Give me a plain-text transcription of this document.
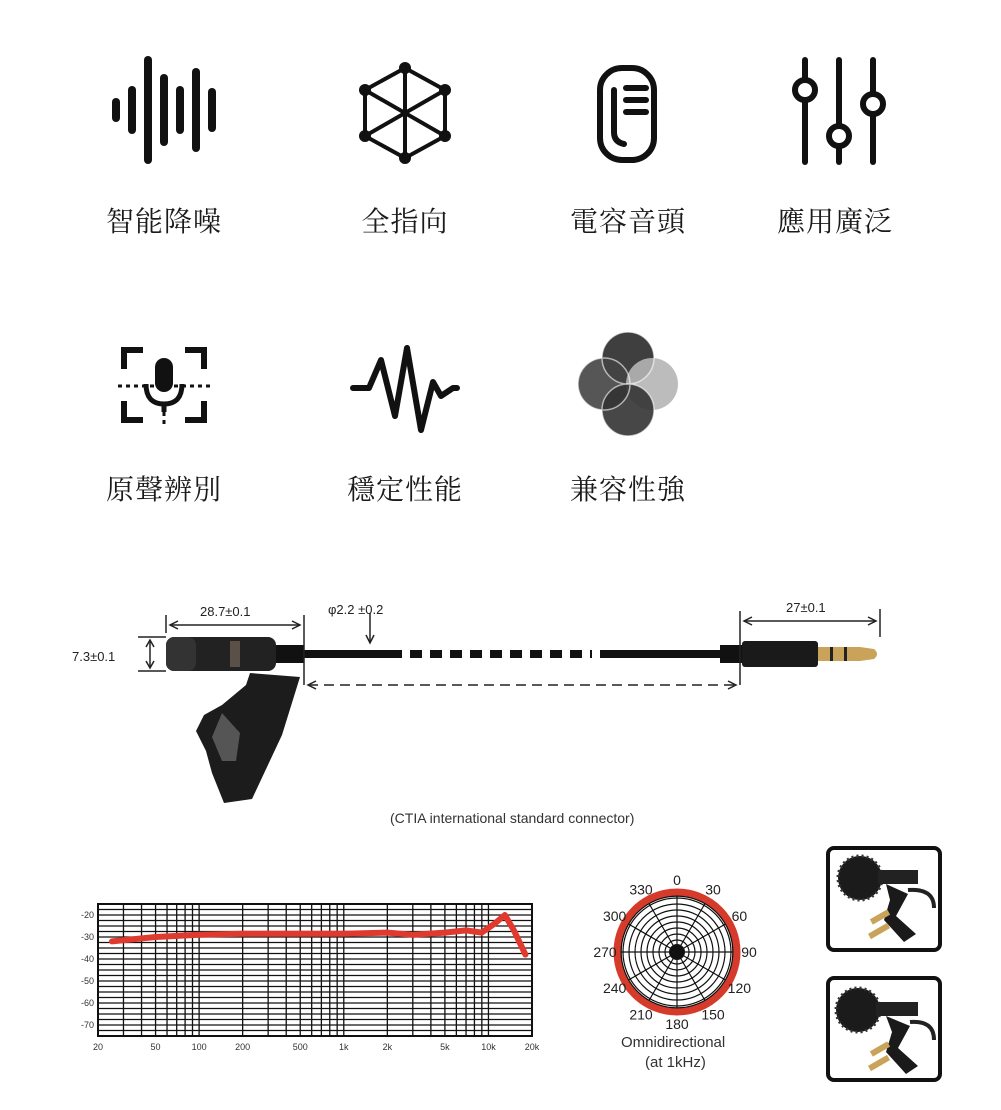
智能降噪	全指向	電容音頭	應用廣泛
原聲辨別	穩定性能	兼容性強
28.7±0.1	φ2.2 ±0.2	27±0.1
7.3±0.1
(CTIA international standard connector)
-20
-30
-40
-50
-60
-70
20	50	100	200	500	1k	2k	5k	10k	20k
0
30
60
90
120
150
180
210
240
270
300
330
Omnidirectional
(at 1kHz)
